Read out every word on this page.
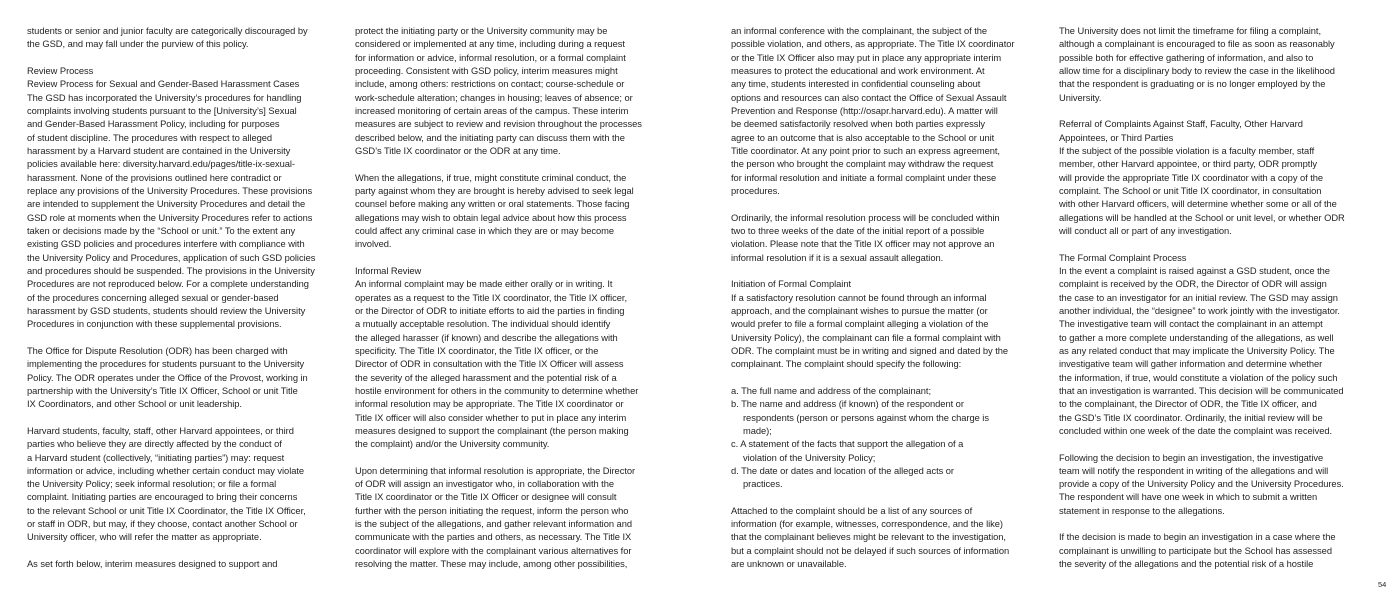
students or senior and junior faculty are categorically discouraged by
the GSD, and may fall under the purview of this policy.
Review Process
Review Process for Sexual and Gender-Based Harassment Cases
The GSD has incorporated the University’s procedures for handling
complaints involving students pursuant to the [University’s] Sexual
and Gender-Based Harassment Policy, including for purposes
of student discipline. The procedures with respect to alleged
harassment by a Harvard student are contained in the University
policies available here: diversity.harvard.edu/pages/title-ix-sexual-
harassment. None of the provisions outlined here contradict or
replace any provisions of the University Procedures. These provisions
are intended to supplement the University Procedures and detail the
GSD role at moments when the University Procedures refer to actions
taken or decisions made by the “School or unit.” To the extent any
existing GSD policies and procedures interfere with compliance with
the University Policy and Procedures, application of such GSD policies
and procedures should be suspended. The provisions in the University
Procedures are not reproduced below. For a complete understanding
of the procedures concerning alleged sexual or gender-based
harassment by GSD students, students should review the University
Procedures in conjunction with these supplemental provisions.
The Office for Dispute Resolution (ODR) has been charged with
implementing the procedures for students pursuant to the University
Policy. The ODR operates under the Office of the Provost, working in
partnership with the University’s Title IX Officer, School or unit Title
IX Coordinators, and other School or unit leadership.
Harvard students, faculty, staff, other Harvard appointees, or third
parties who believe they are directly affected by the conduct of
a Harvard student (collectively, “initiating parties”) may: request
information or advice, including whether certain conduct may violate
the University Policy; seek informal resolution; or file a formal
complaint. Initiating parties are encouraged to bring their concerns
to the relevant School or unit Title IX Coordinator, the Title IX Officer,
or staff in ODR, but may, if they choose, contact another School or
University officer, who will refer the matter as appropriate.
As set forth below, interim measures designed to support and
protect the initiating party or the University community may be
considered or implemented at any time, including during a request
for information or advice, informal resolution, or a formal complaint
proceeding. Consistent with GSD policy, interim measures might
include, among others: restrictions on contact; course-schedule or
work-schedule alteration; changes in housing; leaves of absence; or
increased monitoring of certain areas of the campus. These interim
measures are subject to review and revision throughout the processes
described below, and the initiating party can discuss them with the
GSD’s Title IX coordinator or the ODR at any time.
When the allegations, if true, might constitute criminal conduct, the
party against whom they are brought is hereby advised to seek legal
counsel before making any written or oral statements. Those facing
allegations may wish to obtain legal advice about how this process
could affect any criminal case in which they are or may become
involved.
Informal Review
An informal complaint may be made either orally or in writing. It
operates as a request to the Title IX coordinator, the Title IX officer,
or the Director of ODR to initiate efforts to aid the parties in finding
a mutually acceptable resolution. The individual should identify
the alleged harasser (if known) and describe the allegations with
specificity. The Title IX coordinator, the Title IX officer, or the
Director of ODR in consultation with the Title IX Officer will assess
the severity of the alleged harassment and the potential risk of a
hostile environment for others in the community to determine whether
informal resolution may be appropriate. The Title IX coordinator or
Title IX officer will also consider whether to put in place any interim
measures designed to support the complainant (the person making
the complaint) and/or the University community.
Upon determining that informal resolution is appropriate, the Director
of ODR will assign an investigator who, in collaboration with the
Title IX coordinator or the Title IX Officer or designee will consult
further with the person initiating the request, inform the person who
is the subject of the allegations, and gather relevant information and
communicate with the parties and others, as necessary. The Title IX
coordinator will explore with the complainant various alternatives for
resolving the matter. These may include, among other possibilities,
an informal conference with the complainant, the subject of the
possible violation, and others, as appropriate. The Title IX coordinator
or the Title IX Officer also may put in place any appropriate interim
measures to protect the educational and work environment. At
any time, students interested in confidential counseling about
options and resources can also contact the Office of Sexual Assault
Prevention and Response (http://osapr.harvard.edu). A matter will
be deemed satisfactorily resolved when both parties expressly
agree to an outcome that is also acceptable to the School or unit
Title coordinator. At any point prior to such an express agreement,
the person who brought the complaint may withdraw the request
for informal resolution and initiate a formal complaint under these
procedures.
Ordinarily, the informal resolution process will be concluded within
two to three weeks of the date of the initial report of a possible
violation. Please note that the Title IX officer may not approve an
informal resolution if it is a sexual assault allegation.
Initiation of Formal Complaint
If a satisfactory resolution cannot be found through an informal
approach, and the complainant wishes to pursue the matter (or
would prefer to file a formal complaint alleging a violation of the
University Policy), the complainant can file a formal complaint with
ODR. The complaint must be in writing and signed and dated by the
complainant. The complaint should specify the following:
a. The full name and address of the complainant;
b. The name and address (if known) of the respondent or
respondents (person or persons against whom the charge is
made);
c. A statement of the facts that support the allegation of a
violation of the University Policy;
d. The date or dates and location of the alleged acts or
practices.
Attached to the complaint should be a list of any sources of
information (for example, witnesses, correspondence, and the like)
that the complainant believes might be relevant to the investigation,
but a complaint should not be delayed if such sources of information
are unknown or unavailable.
The University does not limit the timeframe for filing a complaint,
although a complainant is encouraged to file as soon as reasonably
possible both for effective gathering of information, and also to
allow time for a disciplinary body to review the case in the likelihood
that the respondent is graduating or is no longer employed by the
University.
Referral of Complaints Against Staff, Faculty, Other Harvard
Appointees, or Third Parties
If the subject of the possible violation is a faculty member, staff
member, other Harvard appointee, or third party, ODR promptly
will provide the appropriate Title IX coordinator with a copy of the
complaint. The School or unit Title IX coordinator, in consultation
with other Harvard officers, will determine whether some or all of the
allegations will be handled at the School or unit level, or whether ODR
will conduct all or part of any investigation.
The Formal Complaint Process
In the event a complaint is raised against a GSD student, once the
complaint is received by the ODR, the Director of ODR will assign
the case to an investigator for an initial review. The GSD may assign
another individual, the “designee” to work jointly with the investigator.
The investigative team will contact the complainant in an attempt
to gather a more complete understanding of the allegations, as well
as any related conduct that may implicate the University Policy. The
investigative team will gather information and determine whether
the information, if true, would constitute a violation of the policy such
that an investigation is warranted. This decision will be communicated
to the complainant, the Director of ODR, the Title IX officer, and
the GSD’s Title IX coordinator. Ordinarily, the initial review will be
concluded within one week of the date the complaint was received.
Following the decision to begin an investigation, the investigative
team will notify the respondent in writing of the allegations and will
provide a copy of the University Policy and the University Procedures.
The respondent will have one week in which to submit a written
statement in response to the allegations.
If the decision is made to begin an investigation in a case where the
complainant is unwilling to participate but the School has assessed
the severity of the allegations and the potential risk of a hostile
54
